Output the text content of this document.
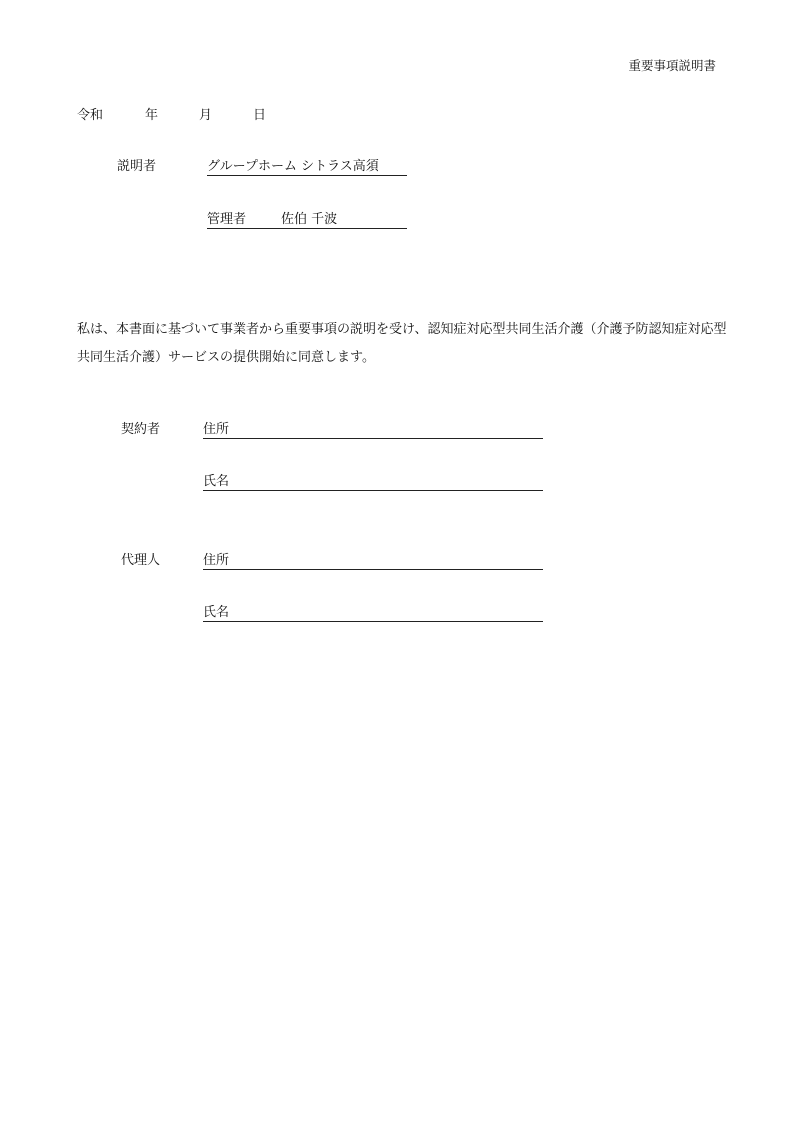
重要事項説明書
令和	年	月	日
説明者	グループホーム シトラス高須
管理者	佐伯 千波
私は、本書面に基づいて事業者から重要事項の説明を受け、認知症対応型共同生活介護（介護予防認知症対応型共同生活介護）サービスの提供開始に同意します。
契約者	住所
氏名
代理人	住所
氏名
